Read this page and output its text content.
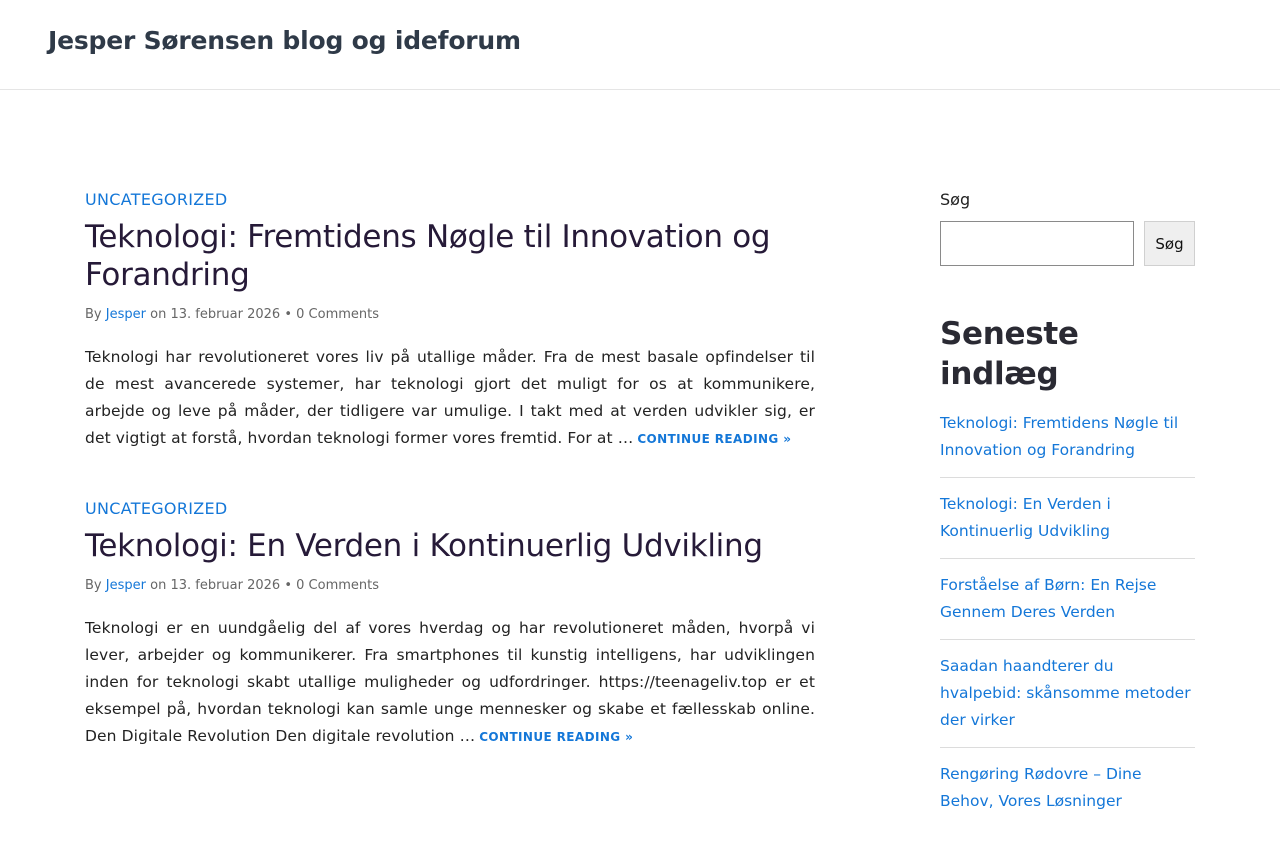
Jesper Sørensen blog og ideforum
UNCATEGORIZED
Teknologi: Fremtidens Nøgle til Innovation og Forandring
By Jesper on 13. februar 2026 • 0 Comments

Teknologi har revolutioneret vores liv på utallige måder. Fra de mest basale opfindelser til de mest avancerede systemer, har teknologi gjort det muligt for os at kommunikere, arbejde og leve på måder, der tidligere var umulige. I takt med at verden udvikler sig, er det vigtigt at forstå, hvordan teknologi former vores fremtid. For at … CONTINUE READING »

UNCATEGORIZED
Teknologi: En Verden i Kontinuerlig Udvikling
By Jesper on 13. februar 2026 • 0 Comments

Teknologi er en uundgåelig del af vores hverdag og har revolutioneret måden, hvorpå vi lever, arbejder og kommunikerer. Fra smartphones til kunstig intelligens, har udviklingen inden for teknologi skabt utallige muligheder og udfordringer. https://teenageliv.top er et eksempel på, hvordan teknologi kan samle unge mennesker og skabe et fællesskab online. Den Digitale Revolution Den digitale revolution … CONTINUE READING »

Søg
Søg
Seneste indlæg
Teknologi: Fremtidens Nøgle til Innovation og Forandring
Teknologi: En Verden i Kontinuerlig Udvikling
Forståelse af Børn: En Rejse Gennem Deres Verden
Saadan haandterer du hvalpebid: skånsomme metoder der virker
Rengøring Rødovre – Dine Behov, Vores Løsninger
